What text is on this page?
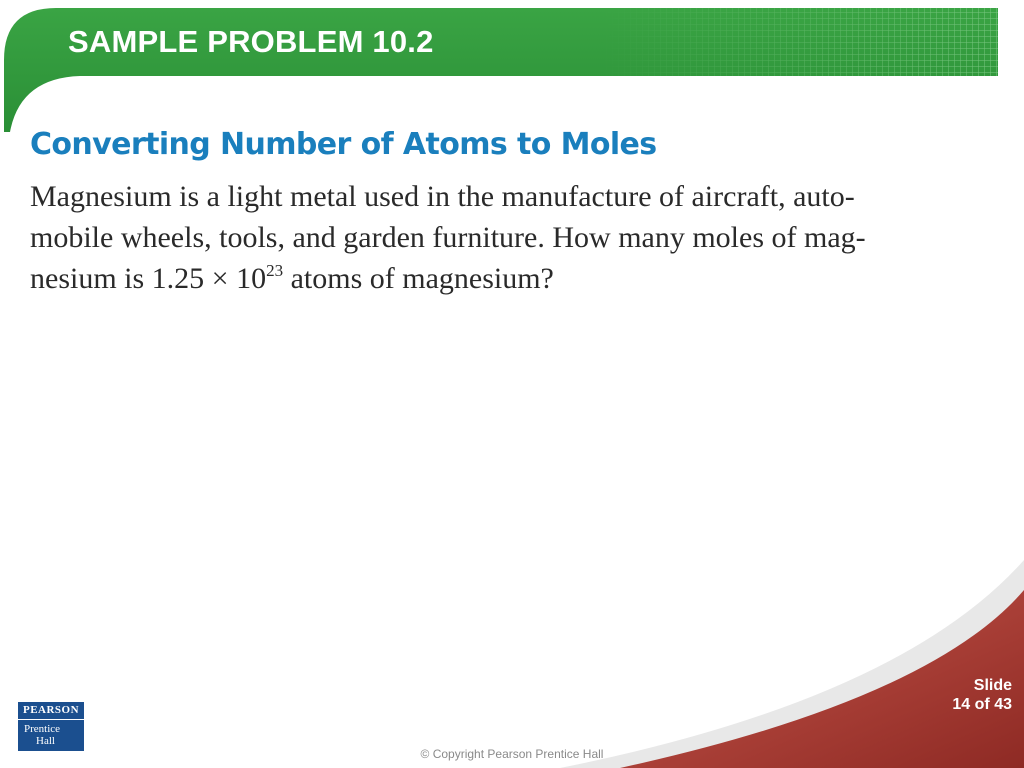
SAMPLE PROBLEM 10.2
Converting Number of Atoms to Moles
Magnesium is a light metal used in the manufacture of aircraft, auto-
mobile wheels, tools, and garden furniture. How many moles of mag-
nesium is $1.25 \times 10^{23}$ atoms of magnesium?
Slide
14 of 43
PEARSON
Prentice
Hall
© Copyright Pearson Prentice Hall
